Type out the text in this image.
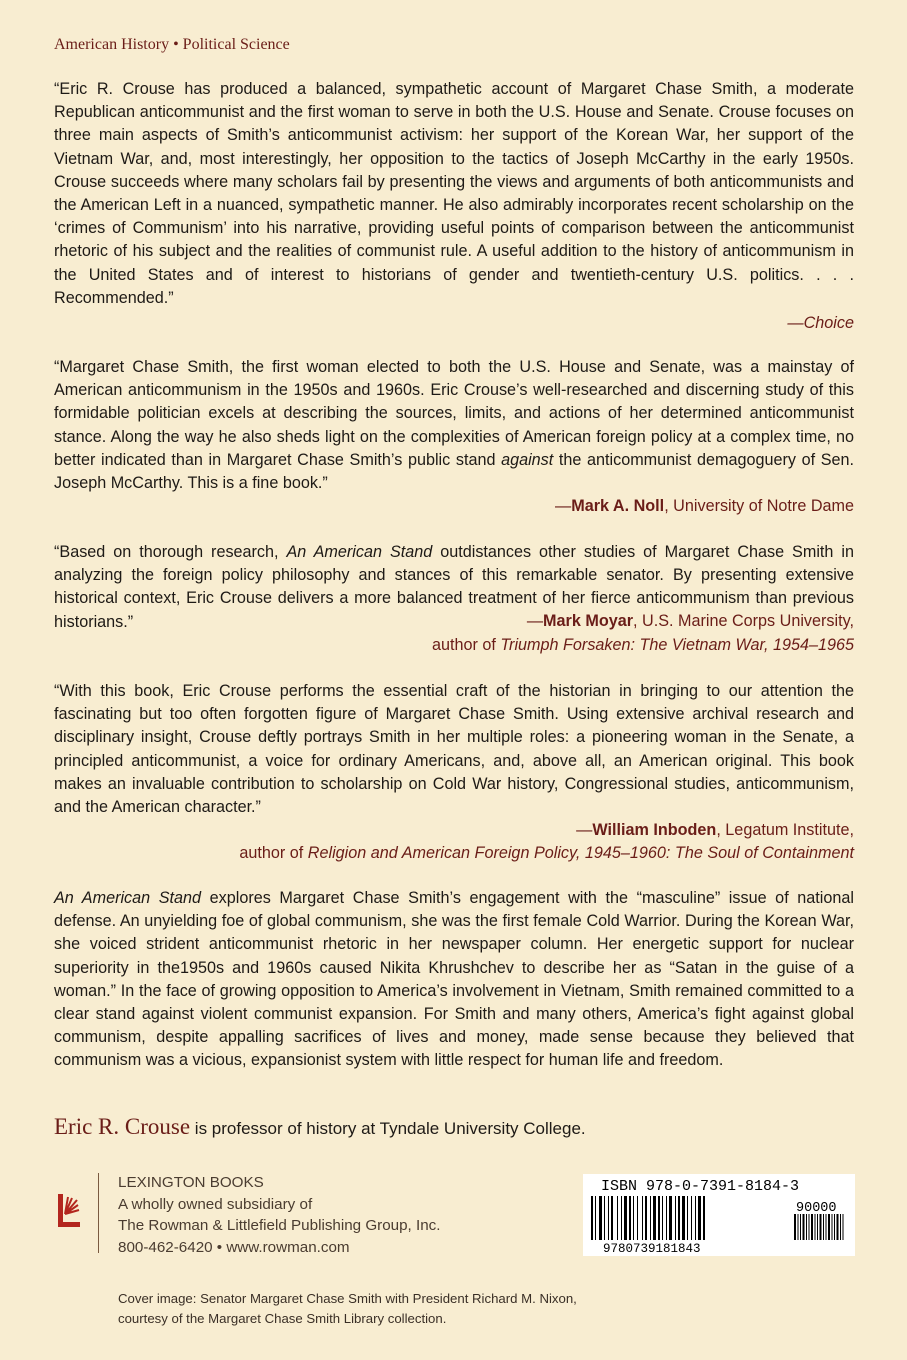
American History • Political Science

“Eric R. Crouse has produced a balanced, sympathetic account of Margaret Chase Smith, a moderate Republican anticommunist and the first woman to serve in both the U.S. House and Senate. Crouse focuses on three main aspects of Smith’s anticommunist activism: her support of the Korean War, her support of the Vietnam War, and, most interestingly, her opposition to the tactics of Joseph McCarthy in the early 1950s. Crouse succeeds where many scholars fail by presenting the views and arguments of both anticommunists and the American Left in a nuanced, sympathetic manner. He also admirably incorporates recent scholarship on the ‘crimes of Communism’ into his narrative, providing useful points of comparison between the anticommunist rhetoric of his subject and the realities of communist rule. A useful addition to the history of anticommunism in the United States and of interest to historians of gender and twentieth-century U.S. politics. . . . Recommended.”

—Choice

“Margaret Chase Smith, the first woman elected to both the U.S. House and Senate, was a mainstay of American anticommunism in the 1950s and 1960s. Eric Crouse’s well-researched and discerning study of this formidable politician excels at describing the sources, limits, and actions of her determined anticommunist stance. Along the way he also sheds light on the complexities of American foreign policy at a complex time, no better indicated than in Margaret Chase Smith’s public stand against the anticommunist demagoguery of Sen. Joseph McCarthy. This is a fine book.”

—Mark A. Noll, University of Notre Dame

“Based on thorough research, An American Stand outdistances other studies of Margaret Chase Smith in analyzing the foreign policy philosophy and stances of this remarkable senator. By presenting extensive historical context, Eric Crouse delivers a more balanced treatment of her fierce anticommunism than previous historians.”	—Mark Moyar, U.S. Marine Corps University,
author of Triumph Forsaken: The Vietnam War, 1954–1965

“With this book, Eric Crouse performs the essential craft of the historian in bringing to our attention the fascinating but too often forgotten figure of Margaret Chase Smith. Using extensive archival research and disciplinary insight, Crouse deftly portrays Smith in her multiple roles: a pioneering woman in the Senate, a principled anticommunist, a voice for ordinary Americans, and, above all, an American original. This book makes an invaluable contribution to scholarship on Cold War history, Congressional studies, anticommunism, and the American character.”

—William Inboden, Legatum Institute,
author of Religion and American Foreign Policy, 1945–1960: The Soul of Containment

An American Stand explores Margaret Chase Smith’s engagement with the “masculine” issue of national defense. An unyielding foe of global communism, she was the first female Cold Warrior. During the Korean War, she voiced strident anticommunist rhetoric in her newspaper column. Her energetic support for nuclear superiority in the1950s and 1960s caused Nikita Khrushchev to describe her as “Satan in the guise of a woman.” In the face of growing opposition to America’s involvement in Vietnam, Smith remained committed to a clear stand against violent communist expansion. For Smith and many others, America’s fight against global communism, despite appalling sacrifices of lives and money, made sense because they believed that communism was a vicious, expansionist system with little respect for human life and freedom.

Eric R. Crouse is professor of history at Tyndale University College.
LEXINGTON BOOKS
A wholly owned subsidiary of
The Rowman & Littlefield Publishing Group, Inc.
800-462-6420 • www.rowman.com
ISBN 978-0-7391-8184-3
9780739181843
90000
Cover image: Senator Margaret Chase Smith with President Richard M. Nixon,
courtesy of the Margaret Chase Smith Library collection.
